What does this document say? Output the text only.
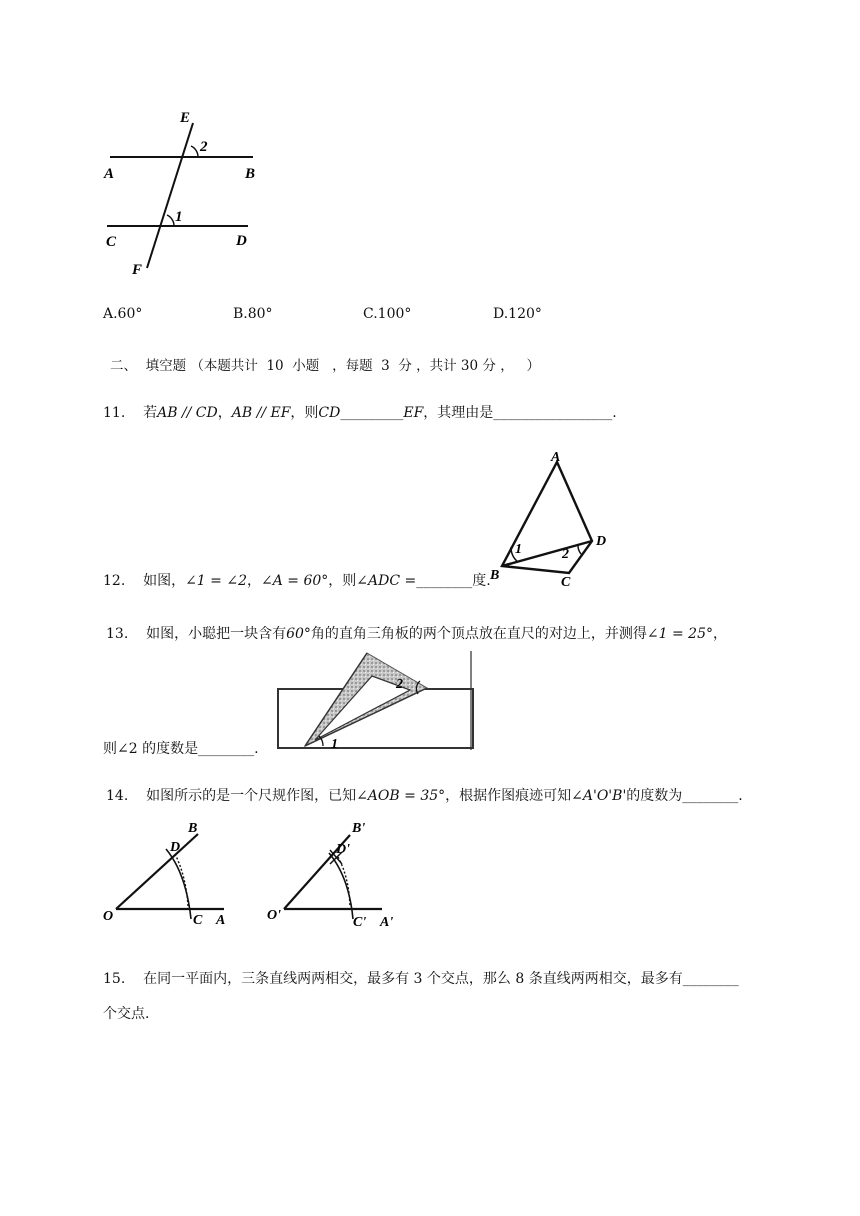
E
2
A	B
1
C	D
F
A.60°	B.80°	C.100°	D.120°
二、  填空题 （本题共计  10  小题   ，每题  3  分 ，共计 30 分 ，   ）
11. 若AB // CD，AB // EF，则CD_________EF，其理由是_________________.
A
1	2
D
B	C
12. 如图，∠1 = ∠2，∠A = 60°，则∠ADC =________度.
13. 如图，小聪把一块含有60°角的直角三角板的两个顶点放在直尺的对边上，并测得∠1 = 25°，
2
1
则∠2 的度数是________.
14. 如图所示的是一个尺规作图，已知∠AOB = 35°，根据作图痕迹可知∠A'O'B'的度数为________.
B
D
O	C A
B'
D'
O'	C' A'
15. 在同一平面内，三条直线两两相交，最多有 3 个交点，那么 8 条直线两两相交，最多有________
个交点.
